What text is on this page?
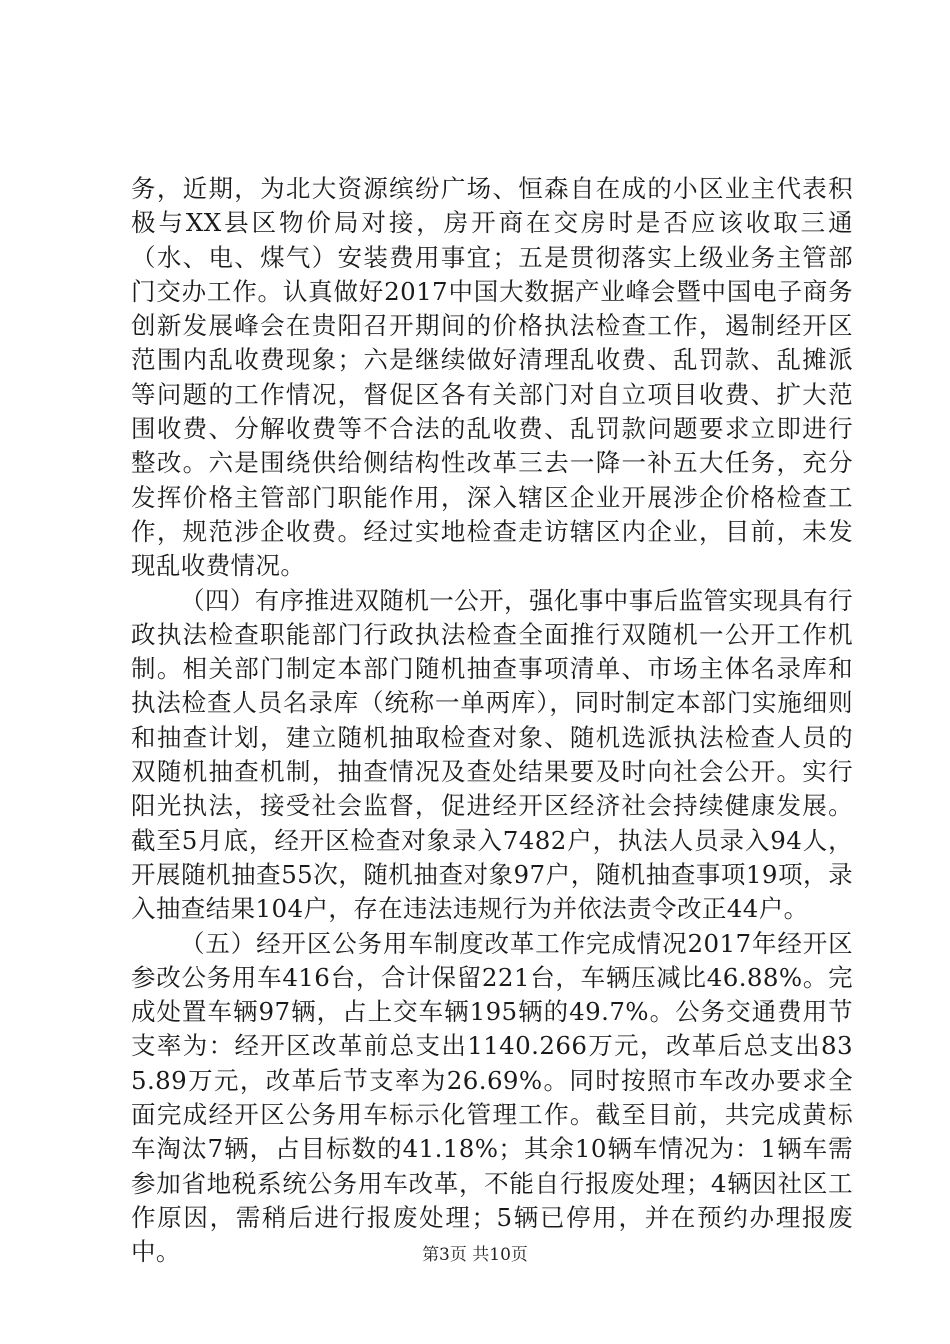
务，近期，为北大资源缤纷广场、恒森自在成的小区业主代表积极与XX县区物价局对接，房开商在交房时是否应该收取三通（水、电、煤气）安装费用事宜；五是贯彻落实上级业务主管部门交办工作。认真做好2017中国大数据产业峰会暨中国电子商务创新发展峰会在贵阳召开期间的价格执法检查工作，遏制经开区范围内乱收费现象；六是继续做好清理乱收费、乱罚款、乱摊派等问题的工作情况，督促区各有关部门对自立项目收费、扩大范围收费、分解收费等不合法的乱收费、乱罚款问题要求立即进行整改。六是围绕供给侧结构性改革三去一降一补五大任务，充分发挥价格主管部门职能作用，深入辖区企业开展涉企价格检查工作，规范涉企收费。经过实地检查走访辖区内企业，目前，未发现乱收费情况。

（四）有序推进双随机一公开，强化事中事后监管实现具有行政执法检查职能部门行政执法检查全面推行双随机一公开工作机制。相关部门制定本部门随机抽查事项清单、市场主体名录库和执法检查人员名录库（统称一单两库），同时制定本部门实施细则和抽查计划，建立随机抽取检查对象、随机选派执法检查人员的双随机抽查机制，抽查情况及查处结果要及时向社会公开。实行阳光执法，接受社会监督，促进经开区经济社会持续健康发展。截至5月底，经开区检查对象录入7482户，执法人员录入94人，开展随机抽查55次，随机抽查对象97户，随机抽查事项19项，录入抽查结果104户，存在违法违规行为并依法责令改正44户。

（五）经开区公务用车制度改革工作完成情况2017年经开区参改公务用车416台，合计保留221台，车辆压减比46.88%。完成处置车辆97辆，占上交车辆195辆的49.7%。公务交通费用节支率为：经开区改革前总支出1140.266万元，改革后总支出835.89万元，改革后节支率为26.69%。同时按照市车改办要求全面完成经开区公务用车标示化管理工作。截至目前，共完成黄标车淘汰7辆，占目标数的41.18%；其余10辆车情况为：1辆车需参加省地税系统公务用车改革，不能自行报废处理；4辆因社区工作原因，需稍后进行报废处理；5辆已停用，并在预约办理报废中。	第3页 共10页
